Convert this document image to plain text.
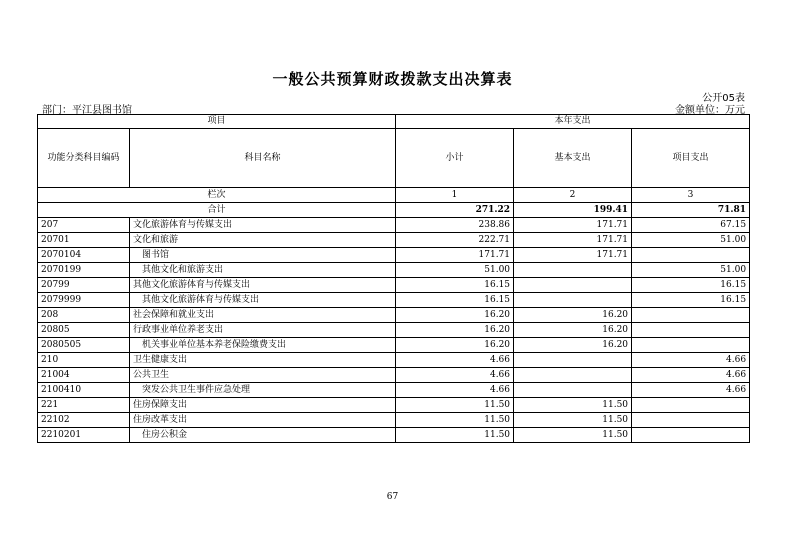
一般公共预算财政拨款支出决算表
公开05表
部门：平江县图书馆	金额单位：万元
项目		本年支出		
功能分类科目编码	科目名称	小计	基本支出	项目支出
栏次		1	2	3
合计		271.22	199.41	71.81
207	文化旅游体育与传媒支出	238.86	171.71	67.15
20701	文化和旅游	222.71	171.71	51.00
2070104	图书馆	171.71	171.71	
2070199	其他文化和旅游支出	51.00		51.00
20799	其他文化旅游体育与传媒支出	16.15		16.15
2079999	其他文化旅游体育与传媒支出	16.15		16.15
208	社会保障和就业支出	16.20	16.20	
20805	行政事业单位养老支出	16.20	16.20	
2080505	机关事业单位基本养老保险缴费支出	16.20	16.20	
210	卫生健康支出	4.66		4.66
21004	公共卫生	4.66		4.66
2100410	突发公共卫生事件应急处理	4.66		4.66
221	住房保障支出	11.50	11.50	
22102	住房改革支出	11.50	11.50	
2210201	住房公积金	11.50	11.50	
67
